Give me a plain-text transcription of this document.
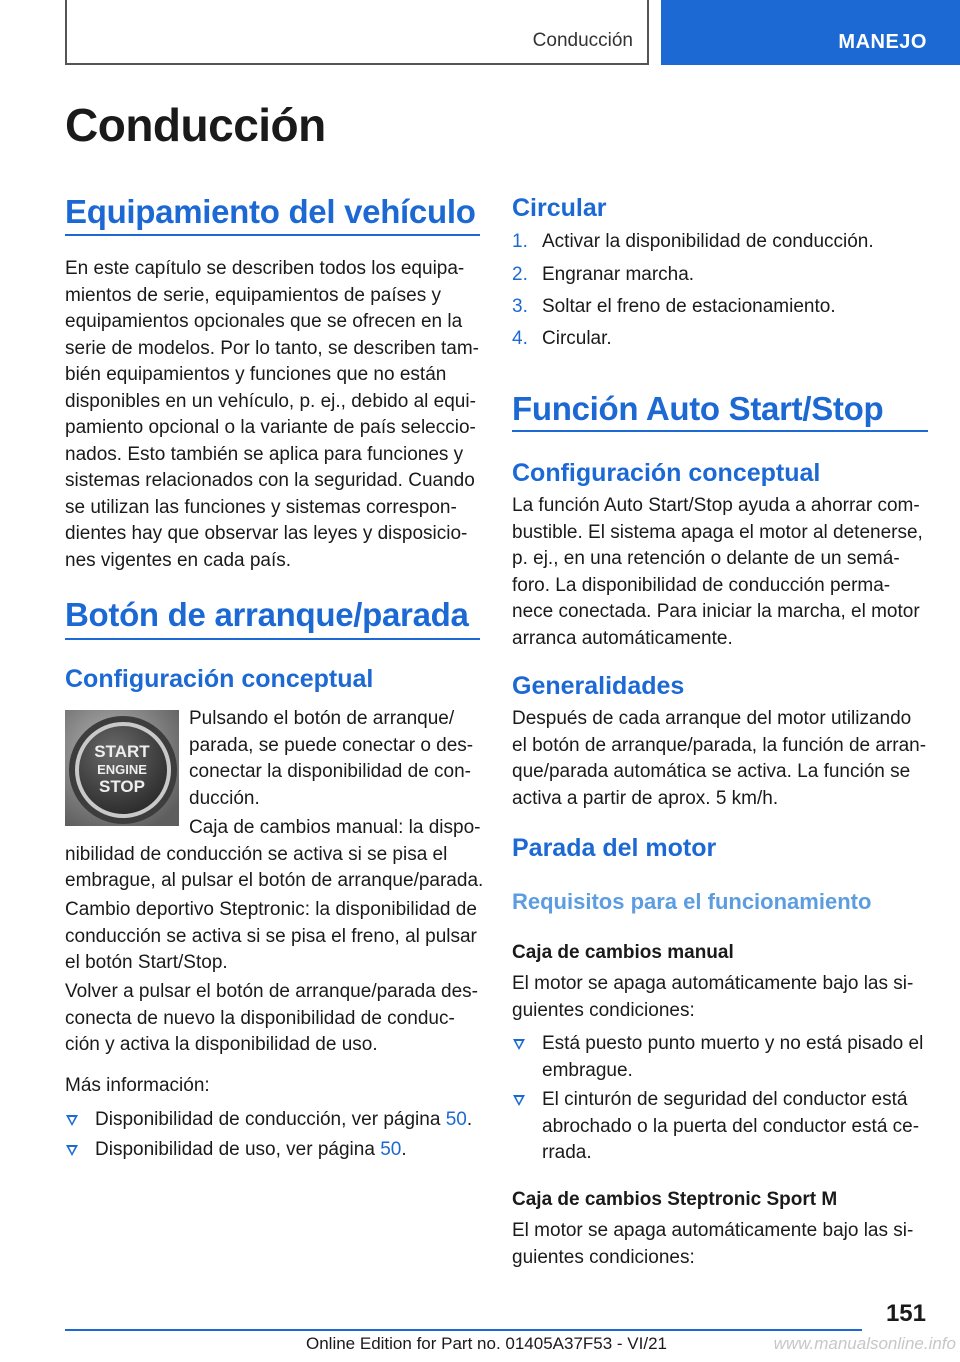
Conducción	MANEJO
Conducción
Equipamiento del vehículo
En este capítulo se describen todos los equipa-
mientos de serie, equipamientos de países y
equipamientos opcionales que se ofrecen en la
serie de modelos. Por lo tanto, se describen tam-
bién equipamientos y funciones que no están
disponibles en un vehículo, p. ej., debido al equi-
pamiento opcional o la variante de país seleccio-
nados. Esto también se aplica para funciones y
sistemas relacionados con la seguridad. Cuando
se utilizan las funciones y sistemas correspon-
dientes hay que observar las leyes y disposicio-
nes vigentes en cada país.
Botón de arranque/parada
Configuración conceptual
START
ENGINE
STOP
Pulsando el botón de arranque/
parada, se puede conectar o des-
conectar la disponibilidad de con-
ducción.
Caja de cambios manual: la dispo-
nibilidad de conducción se activa si se pisa el
embrague, al pulsar el botón de arranque/parada.
Cambio deportivo Steptronic: la disponibilidad de
conducción se activa si se pisa el freno, al pulsar
el botón Start/Stop.
Volver a pulsar el botón de arranque/parada des-
conecta de nuevo la disponibilidad de conduc-
ción y activa la disponibilidad de uso.
Más información:
Disponibilidad de conducción, ver página 50.
Disponibilidad de uso, ver página 50.
Circular
1. Activar la disponibilidad de conducción.
2. Engranar marcha.
3. Soltar el freno de estacionamiento.
4. Circular.
Función Auto Start/Stop
Configuración conceptual
La función Auto Start/Stop ayuda a ahorrar com-
bustible. El sistema apaga el motor al detenerse,
p. ej., en una retención o delante de un semá-
foro. La disponibilidad de conducción perma-
nece conectada. Para iniciar la marcha, el motor
arranca automáticamente.
Generalidades
Después de cada arranque del motor utilizando
el botón de arranque/parada, la función de arran-
que/parada automática se activa. La función se
activa a partir de aprox. 5 km/h.
Parada del motor
Requisitos para el funcionamiento
Caja de cambios manual
El motor se apaga automáticamente bajo las si-
guientes condiciones:
Está puesto punto muerto y no está pisado el
embrague.
El cinturón de seguridad del conductor está
abrochado o la puerta del conductor está ce-
rrada.
Caja de cambios Steptronic Sport M
El motor se apaga automáticamente bajo las si-
guientes condiciones:
151
Online Edition for Part no. 01405A37F53 - VI/21	www.manualsonline.info
